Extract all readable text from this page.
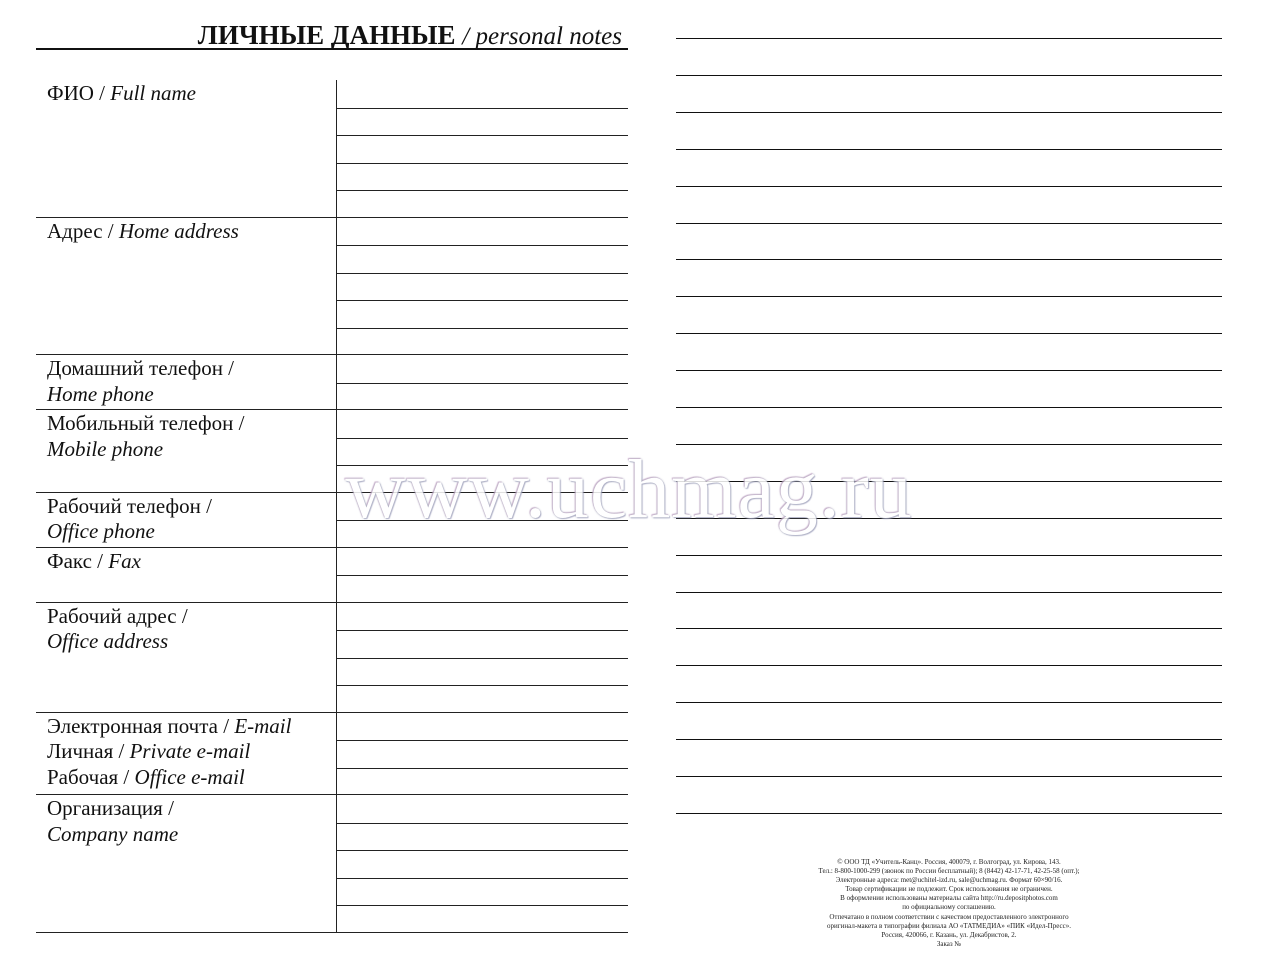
ЛИЧНЫЕ ДАННЫЕ / personal notes
ФИО / Full name
Адрес / Home address
Домашний телефон /
Home phone
Мобильный телефон /
Mobile phone
Рабочий телефон /
Office phone
Факс / Fax
Рабочий адрес /
Office address
Электронная почта / E-mail
Личная / Private e-mail
Рабочая / Office e-mail
Организация /
Company name
© ООО ТД «Учитель-Канц». Россия, 400079, г. Волгоград, ул. Кирова, 143.
Тел.: 8-800-1000-299 (звонок по России бесплатный); 8 (8442) 42-17-71, 42-25-58 (опт.);
Электронные адреса: met@uchitel-izd.ru, sale@uchmag.ru. Формат 60×90/16.
Товар сертификации не подлежит. Срок использования не ограничен.
В оформлении использованы материалы сайта http://ru.depositphotos.com
по официальному соглашению.
Отпечатано в полном соответствии с качеством предоставленного электронного
оригинал-макета в типографии филиала АО «ТАТМЕДИА» «ПИК «Идел-Пресс».
Россия, 420066, г. Казань, ул. Декабристов, 2.
Заказ №
www.uchmag.ru
